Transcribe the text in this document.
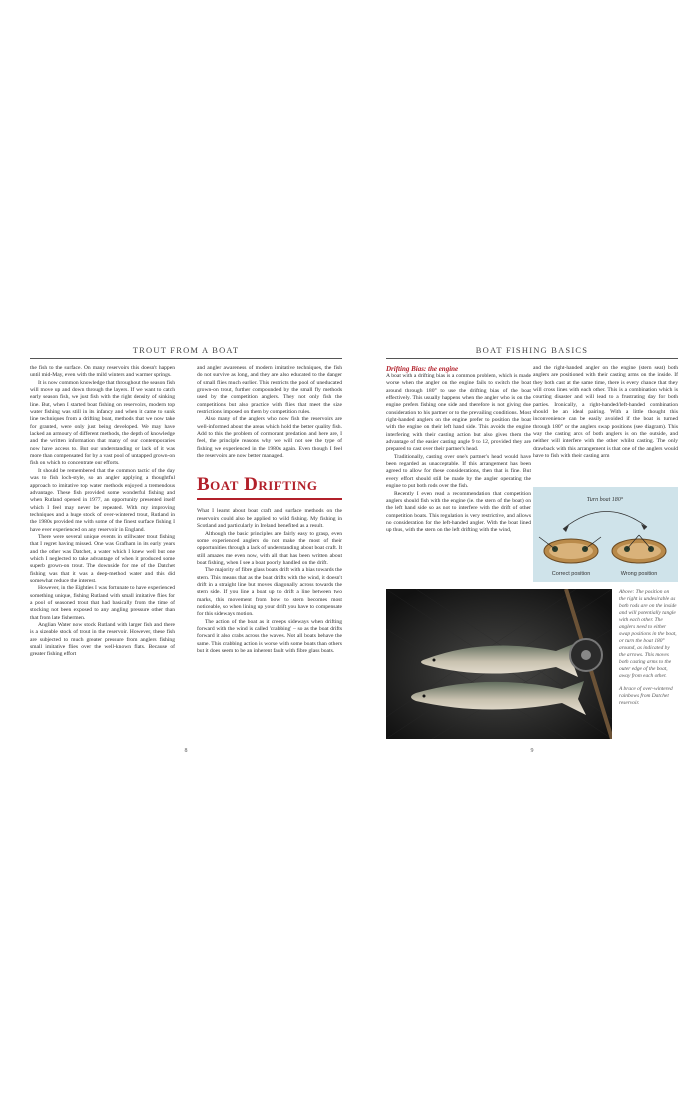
TROUT FROM A BOAT

the fish to the surface. On many reservoirs this doesn't happen until mid-May, even with the mild winters and warmer springs.

It is now common knowledge that throughout the season fish will move up and down through the layers. If we want to catch early season fish, we just fish with the right density of sinking line. But, when I started boat fishing on reservoirs, modern top water fishing was still in its infancy and when it came to sunk line techniques from a drifting boat, methods that we now take for granted, were only just being developed. We may have lacked an armoury of different methods, the depth of knowledge and the written information that many of our contemporaries now have access to. But our understanding or lack of it was more than compensated for by a vast pool of untapped grown-on fish on which to concentrate our efforts.

It should be remembered that the common tactic of the day was to fish loch-style, so an angler applying a thoughtful approach to imitative top water methods enjoyed a tremendous advantage. These fish provided some wonderful fishing and when Rutland opened in 1977, an opportunity presented itself which I feel may never be repeated. With my improving techniques and a huge stock of over-wintered trout, Rutland in the 1980s provided me with some of the finest surface fishing I have ever experienced on any reservoir in England.

There were several unique events in stillwater trout fishing that I regret having missed. One was Grafham in its early years and the other was Datchet, a water which I knew well but one which I neglected to take advantage of when it produced some superb grown-on trout. The downside for me of the Datchet fishing was that it was a deep-method water and this did somewhat reduce the interest.

However, in the Eighties I was fortunate to have experienced something unique, fishing Rutland with small imitative flies for a pool of seasoned trout that had basically from the time of stocking not been exposed to any angling pressure other than that from late fishermen.

Anglian Water now stock Rutland with larger fish and there is a sizeable stock of trout in the reservoir. However, these fish are subjected to much greater pressure from anglers fishing small imitative flies over the well-known flats. Because of greater fishing effort

and angler awareness of modern imitative techniques, the fish do not survive as long, and they are also educated to the danger of small flies much earlier. This restricts the pool of uneducated grown-on trout, further compounded by the small fly methods used by the competition anglers. They not only fish the competitions but also practice with flies that meet the size restrictions imposed on them by competition rules.

Also many of the anglers who now fish the reservoirs are well-informed about the areas which hold the better quality fish. Add to this the problem of cormorant predation and here are, I feel, the principle reasons why we will not see the type of fishing we experienced in the 1980s again. Even though I feel the reservoirs are now better managed.

Boat Drifting

What I learnt about boat craft and surface methods on the reservoirs could also be applied to wild fishing. My fishing in Scotland and particularly in Ireland benefited as a result.

Although the basic principles are fairly easy to grasp, even some experienced anglers do not make the most of their opportunities through a lack of understanding about boat craft. It still amazes me even now, with all that has been written about boat fishing, when I see a boat poorly handled on the drift.

The majority of fibre glass boats drift with a bias towards the stern. This means that as the boat drifts with the wind, it doesn't drift in a straight line but moves diagonally across towards the stern side. If you line a boat up to drift a line between two marks, this movement from bow to stern becomes most noticeable, so when lining up your drift you have to compensate for this sideways motion.

The action of the boat as it creeps sideways when drifting forward with the wind is called 'crabbing' – so as the boat drifts forward it also crabs across the waves. Not all boats behave the same. This crabbing action is worse with some boats than others but it does seem to be an inherent fault with fibre glass boats.

8
BOAT FISHING BASICS
Drifting Bias: the engine

A boat with a drifting bias is a common problem, which is made worse when the angler on the engine fails to switch the boat around through 180° to use the drifting bias of the boat effectively. This usually happens when the angler who is on the engine prefers fishing one side and therefore is not giving due consideration to his partner or to the prevailing conditions. Most right-handed anglers on the engine prefer to position the boat with the engine on their left hand side. This avoids the engine interfering with their casting action but also gives them the advantage of the easier casting angle 9 to 12, provided they are prepared to cast over their partner's head.

Traditionally, casting over one's partner's head would have been regarded as unacceptable. If this arrangement has been agreed to allow for these considerations, then that is fine. But every effort should still be made by the angler operating the engine to put both rods over the fish.

Recently I even read a recommendation that competition anglers should fish with the engine (ie. the stern of the boat) on the left hand side so as not to interfere with the drift of other competition boats. This regulation is very restrictive, and allows no consideration for the left-handed angler. With the boat lined up thus, with the stern on the left drifting with the wind,

and the right-handed angler on the engine (stern seat) both anglers are positioned with their casting arms on the inside. If they both cast at the same time, there is every chance that they will cross lines with each other. This is a combination which is courting disaster and will lead to a frustrating day for both parties. Ironically, a right-handed/left-handed combination should be an ideal pairing. With a little thought this inconvenience can be easily avoided if the boat is turned through 180° or the anglers swap positions (see diagram). This way the casting arcs of both anglers is on the outside, and neither will interfere with the other whilst casting. The only drawback with this arrangement is that one of the anglers would have to fish with their casting arm

Turn boat 180°
Correct position	Wrong position

Above: The position on the right is undesirable as both rods are on the inside and will potentially tangle with each other. The anglers need to either swap positions in the boat, or turn the boat 180° around, as indicated by the arrows. This moves both casting arms to the outer edge of the boat, away from each other.

A brace of over-wintered rainbows from Datchet reservoir.

9
